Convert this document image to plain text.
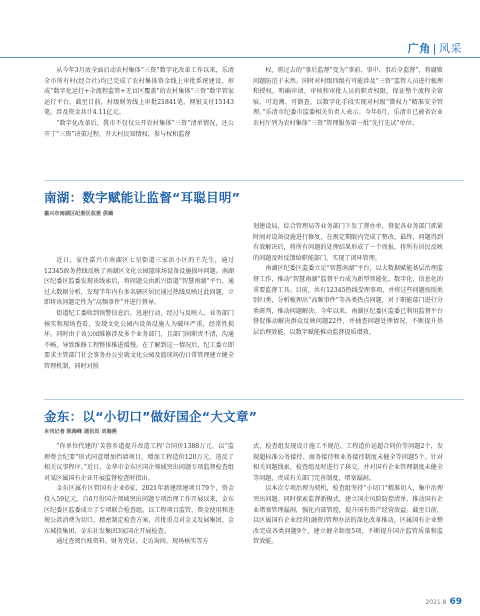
广角 | 风采

从今年3月底全面启动农村集体“三资”数字化改革工作以来，乐清全市所有村(经合社)均已完成了农村集体资金线上审批系统建设，形成“数字化运行+全流程监管+无盲区覆盖”的农村集体“三资”数字管家运行平台。截至目前，村级财务线上审批21841笔，网银支付15143笔，涉及资金共计4.11亿元。

“数字化改革后，我市不仅仅公开农村集体“三资”清单情况，还公开了“三资”决策过程，开大村民知情权、参与权和监督

权，将过去的“事后监督”变为“事前、事中、事后全监督”，将腐败问题防范于未然。同时对村级四级有可能涉及“三资”监管人员进行梳理和授权，明确申请、审核和审批人员的职责权限，保证整个流程全留痕、可追溯、可倒查，以数字化手段实现对村级“微权力”精准安全管理。”乐清市纪委市监委相关负责人表示。今年6月，乐清市已被省农业农村厅列为农村集体“三资”管理服务第一批“先行先试”单位。

南湖：数字赋能让监督“耳聪目明”
嘉兴市南湖区纪委区监委 供稿

近日，家住嘉兴市南湖区七星街道三家浜小区的王先生，通过12345政务热线反映了南湖区文化公园篮球场设备设施损坏问题。南湖区纪委区监委发现该线索后，将问题交由新兴街道“智慧南湖”平台，通过大数据分析，发现半年内有多名辖区居民通过热线反映过此问题，立即将该问题定性为“高频事件”并进行督导。

街道纪工委收到预警信息后，迅速行动，经过与反映人、业务部门核实和现场查看，发现文化公园内设备设施人为破坏严重，经常性损坏。同时由于该公园维修涉及多个业务部门，且部门间职责不清，沟通不畅，导致维修工程整体推进缓慢。在了解到这一情况后，纪工委立即要求主管部门社会事务办公室就文化公园及篮球场的日常管理建立健全管理机制，同时对照

划建设局，综合管理局等业务部门下发了督办单，督促各业务部门抓紧时间对设备设施进行修复，在规定期限内完成了整改。最终，问题得到有效解决后，将所有问题的处理结果形成了一个周报，将所有居民反映的问题及时反馈给职能部门，实现了闭环管理。

南湖区纪委区监委立足“智慧南湖”平台，以大数据赋能基层治理监督工作，推动“智慧南湖”监督平台成为新型智能化、数字化、信息化的重要监督工具。目前，共有12345热线受理事项，并将这些问题按照类别归类，分析梳理出“高频事件”等各类热点问题，对于职能部门进行分类研判，推动问题解决。今年以来，南湖区纪委区监委已利用监督平台督促推动解决群众反映问题22件，并抽查问题处理情况，不断提升基层治理效能，以数字赋能推动监督提质增效。

金东：以“小切口”做好国企“大文章”
本刊记者 陈海峰 通讯员 刘海燕

“你单位代建的‘芙蓉乡道提升改造工程’合同价1388万元，以“监理费会纪要”形式同意增加挡墙项目，增加工程造价120万元，违反了相关议事程序。”近日，金华市金东区国企领域突出问题专项监督检查组对某区属国有企业开展监督检查时指出。

金东区属有区管国有企业6家，2021年新建续建项目79个，资金投入59亿元。自6月份国企领域突出问题专项治理工作开展以来，金东区纪委区监委成立了专项联合检查组，以工程项目监管、资金使用和违规公款消费为切口，精密制定检查方案，首批重点对金义发展集团、金东城投集团、金东社发集团3家国企开展检查。

通过查阅台账资料、财务凭证、走访询问、现场核实等方

式，检查组发现设计施工不规范、工程造价运超合同价等问题2个，发现超标准公务接待、商务接待和业务接待制度未健全等问题5个。针对相关问题线索，检查组及时进行了移交，并对国有企业管理制度未健全等问题，责成有关部门完善制度，堵塞漏洞。

以本次专项治理为契机，检查组坚持“小切口”精准切入，集中治理突出问题。同时探索监督新模式，建立国企风险防控清单，推动国有企业堵塞管理漏洞，强化内部管控，提升国有资产经营效益。截至目前，以区属国有企业经营(融资)管理办法的深化改革推动，区属国有企业整改完成各类问题9个，建立健全制度5项，不断提升国企监管质量和监管效能。

2021.8 69
